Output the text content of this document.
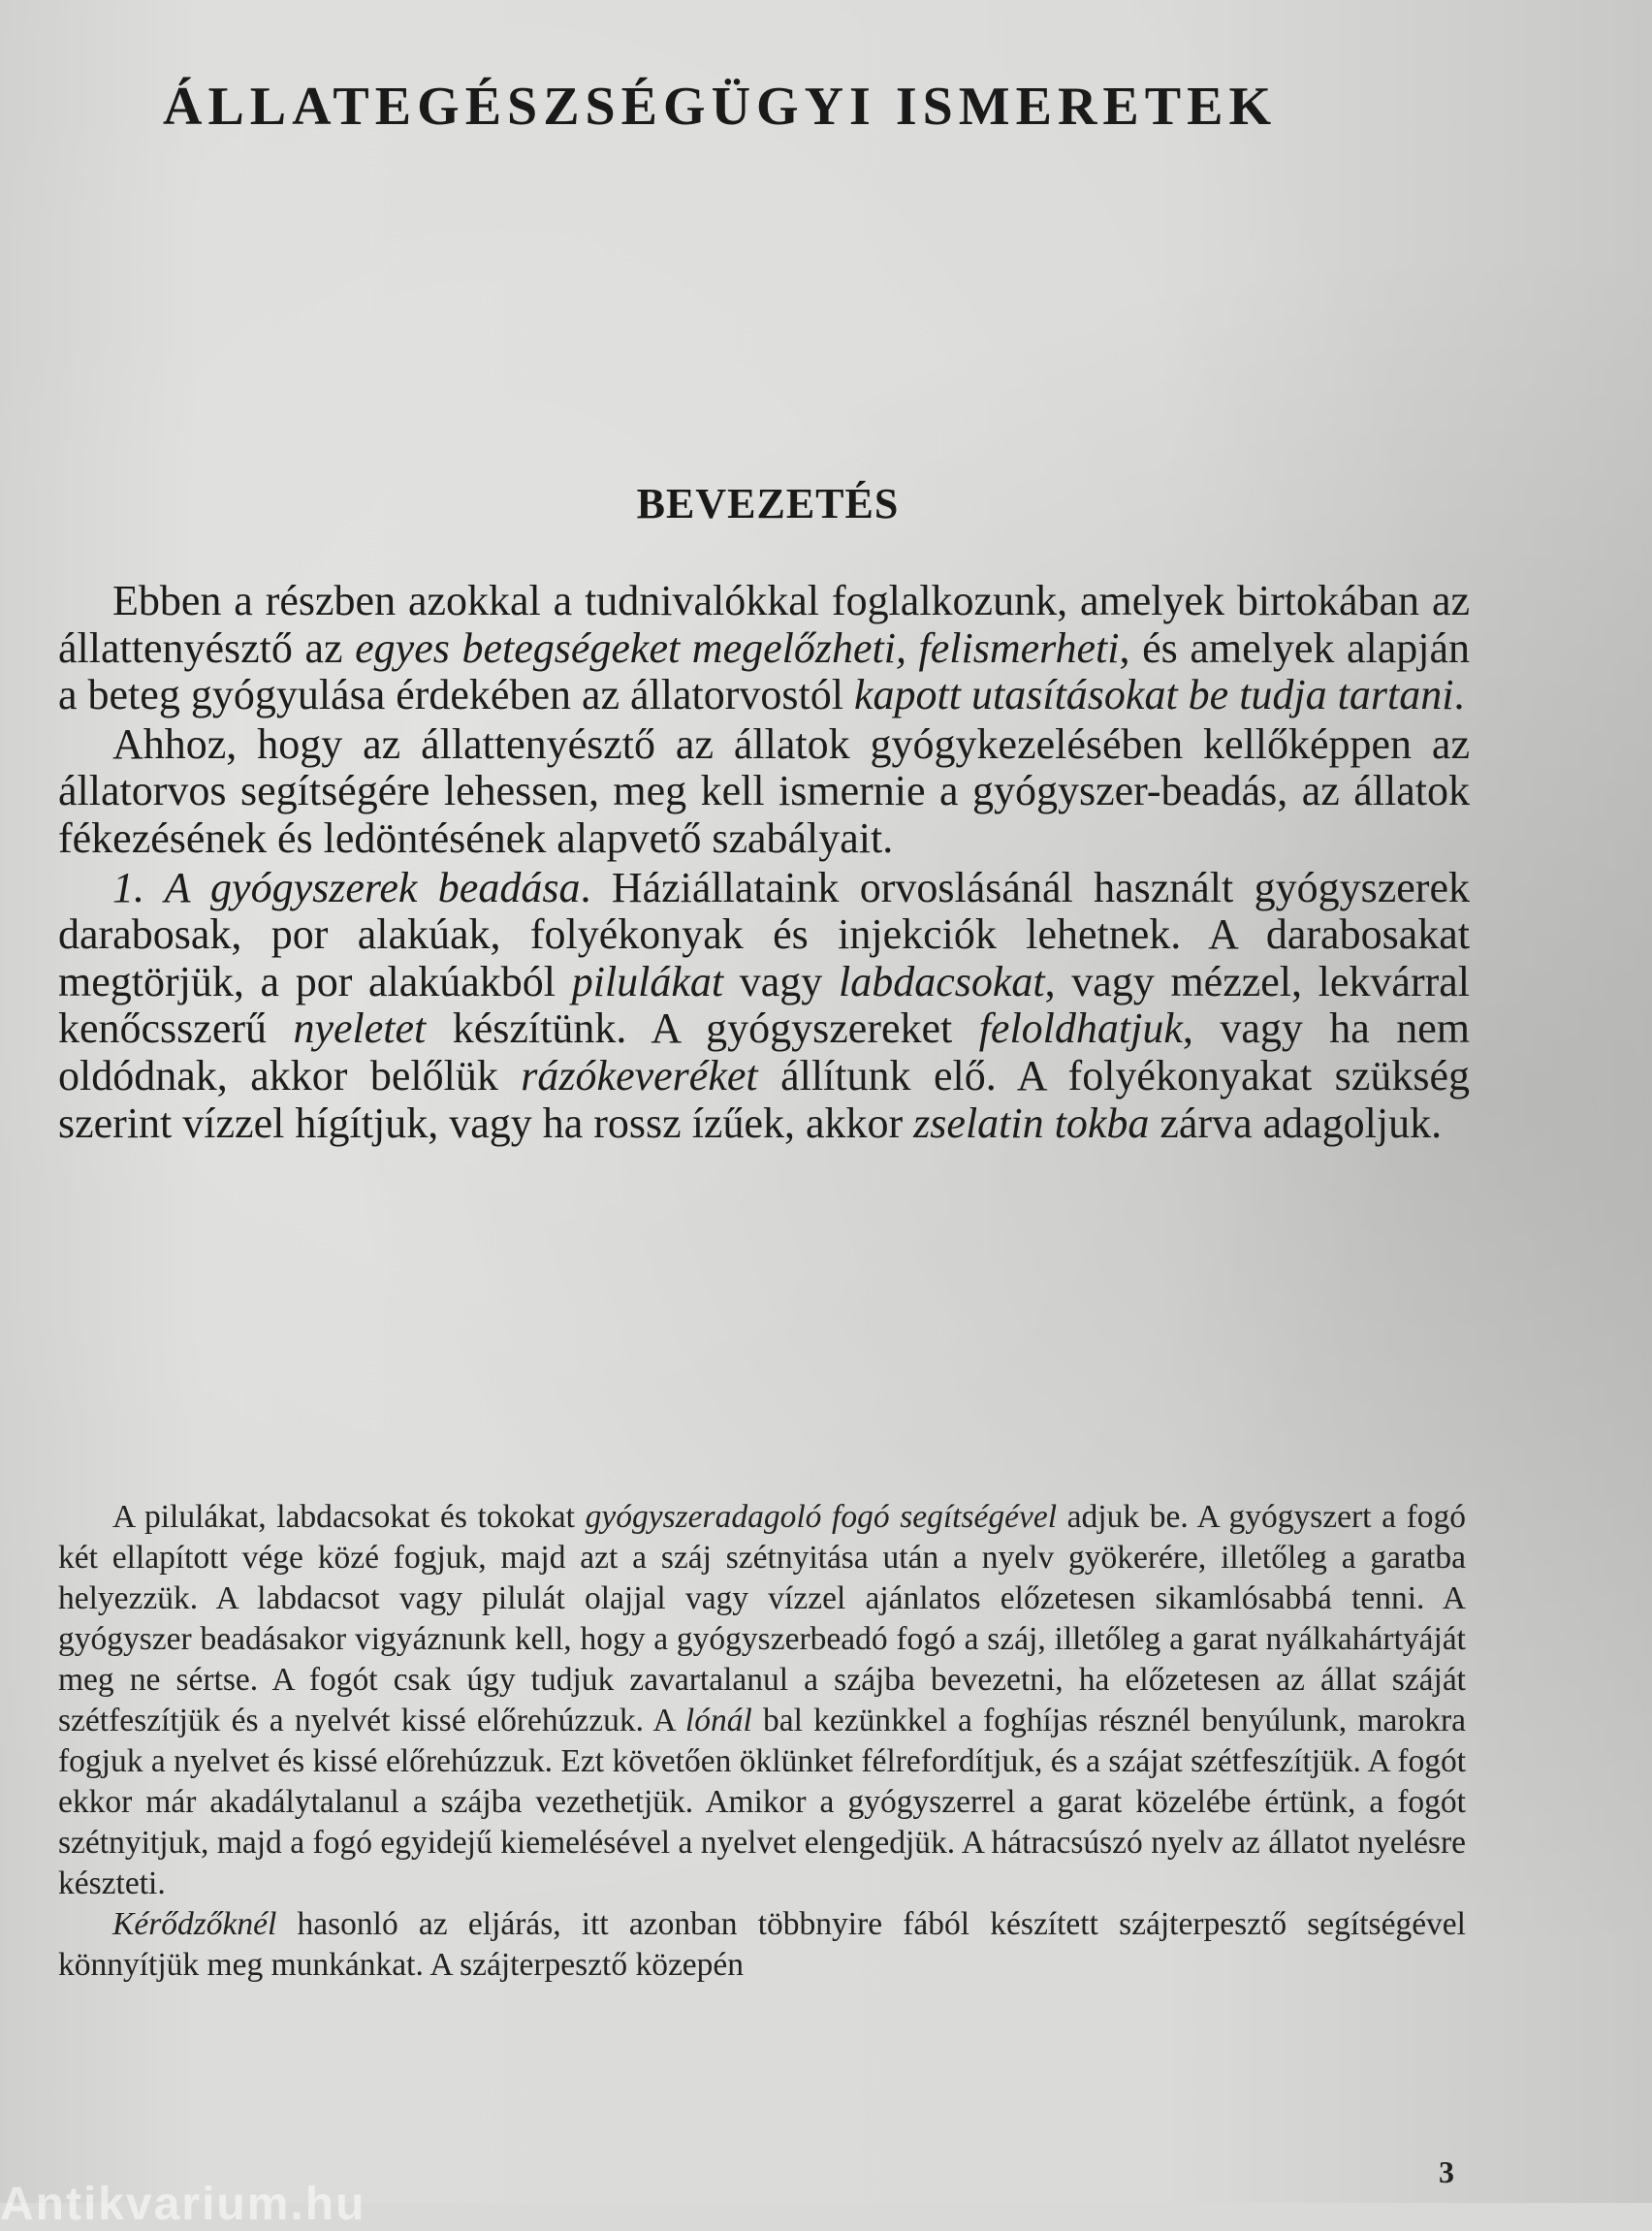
ÁLLATEGÉSZSÉGÜGYI ISMERETEK
BEVEZETÉS

Ebben a részben azokkal a tudnivalókkal foglalkozunk, amelyek birtokában az állattenyésztő az egyes betegségeket megelőzheti, felismerheti, és amelyek alapján a beteg gyógyulása érdekében az állatorvostól kapott utasításokat be tudja tartani.

Ahhoz, hogy az állattenyésztő az állatok gyógykezelésében kellőképpen az állatorvos segítségére lehessen, meg kell ismernie a gyógyszer-beadás, az állatok fékezésének és ledöntésének alapvető szabályait.

1. A gyógyszerek beadása. Háziállataink orvoslásánál használt gyógyszerek darabosak, por alakúak, folyékonyak és injekciók lehetnek. A darabosakat megtörjük, a por alakúakból pilulákat vagy labdacsokat, vagy mézzel, lekvárral kenőcsszerű nyeletet készítünk. A gyógyszereket feloldhatjuk, vagy ha nem oldódnak, akkor belőlük rázókeveréket állítunk elő. A folyékonyakat szükség szerint vízzel hígítjuk, vagy ha rossz ízűek, akkor zselatin tokba zárva adagoljuk.

A pilulákat, labdacsokat és tokokat gyógyszeradagoló fogó segítségével adjuk be. A gyógyszert a fogó két ellapított vége közé fogjuk, majd azt a száj szétnyitása után a nyelv gyökerére, illetőleg a garatba helyezzük. A labdacsot vagy pilulát olajjal vagy vízzel ajánlatos előzetesen sikamlósabbá tenni. A gyógyszer beadásakor vigyáznunk kell, hogy a gyógyszerbeadó fogó a száj, illetőleg a garat nyálkahártyáját meg ne sértse. A fogót csak úgy tudjuk zavartalanul a szájba bevezetni, ha előzetesen az állat száját szétfeszítjük és a nyelvét kissé előrehúzzuk. A lónál bal kezünkkel a foghíjas résznél benyúlunk, marokra fogjuk a nyelvet és kissé előrehúzzuk. Ezt követően öklünket félrefordítjuk, és a szájat szétfeszítjük. A fogót ekkor már akadálytalanul a szájba vezethetjük. Amikor a gyógyszerrel a garat közelébe értünk, a fogót szétnyitjuk, majd a fogó egyidejű kiemelésével a nyelvet elengedjük. A hátracsúszó nyelv az állatot nyelésre készteti.

Kérődzőknél hasonló az eljárás, itt azonban többnyire fából készített szájterpesztő segítségével könnyítjük meg munkánkat. A szájterpesztő közepén

3
Antikvarium.hu
